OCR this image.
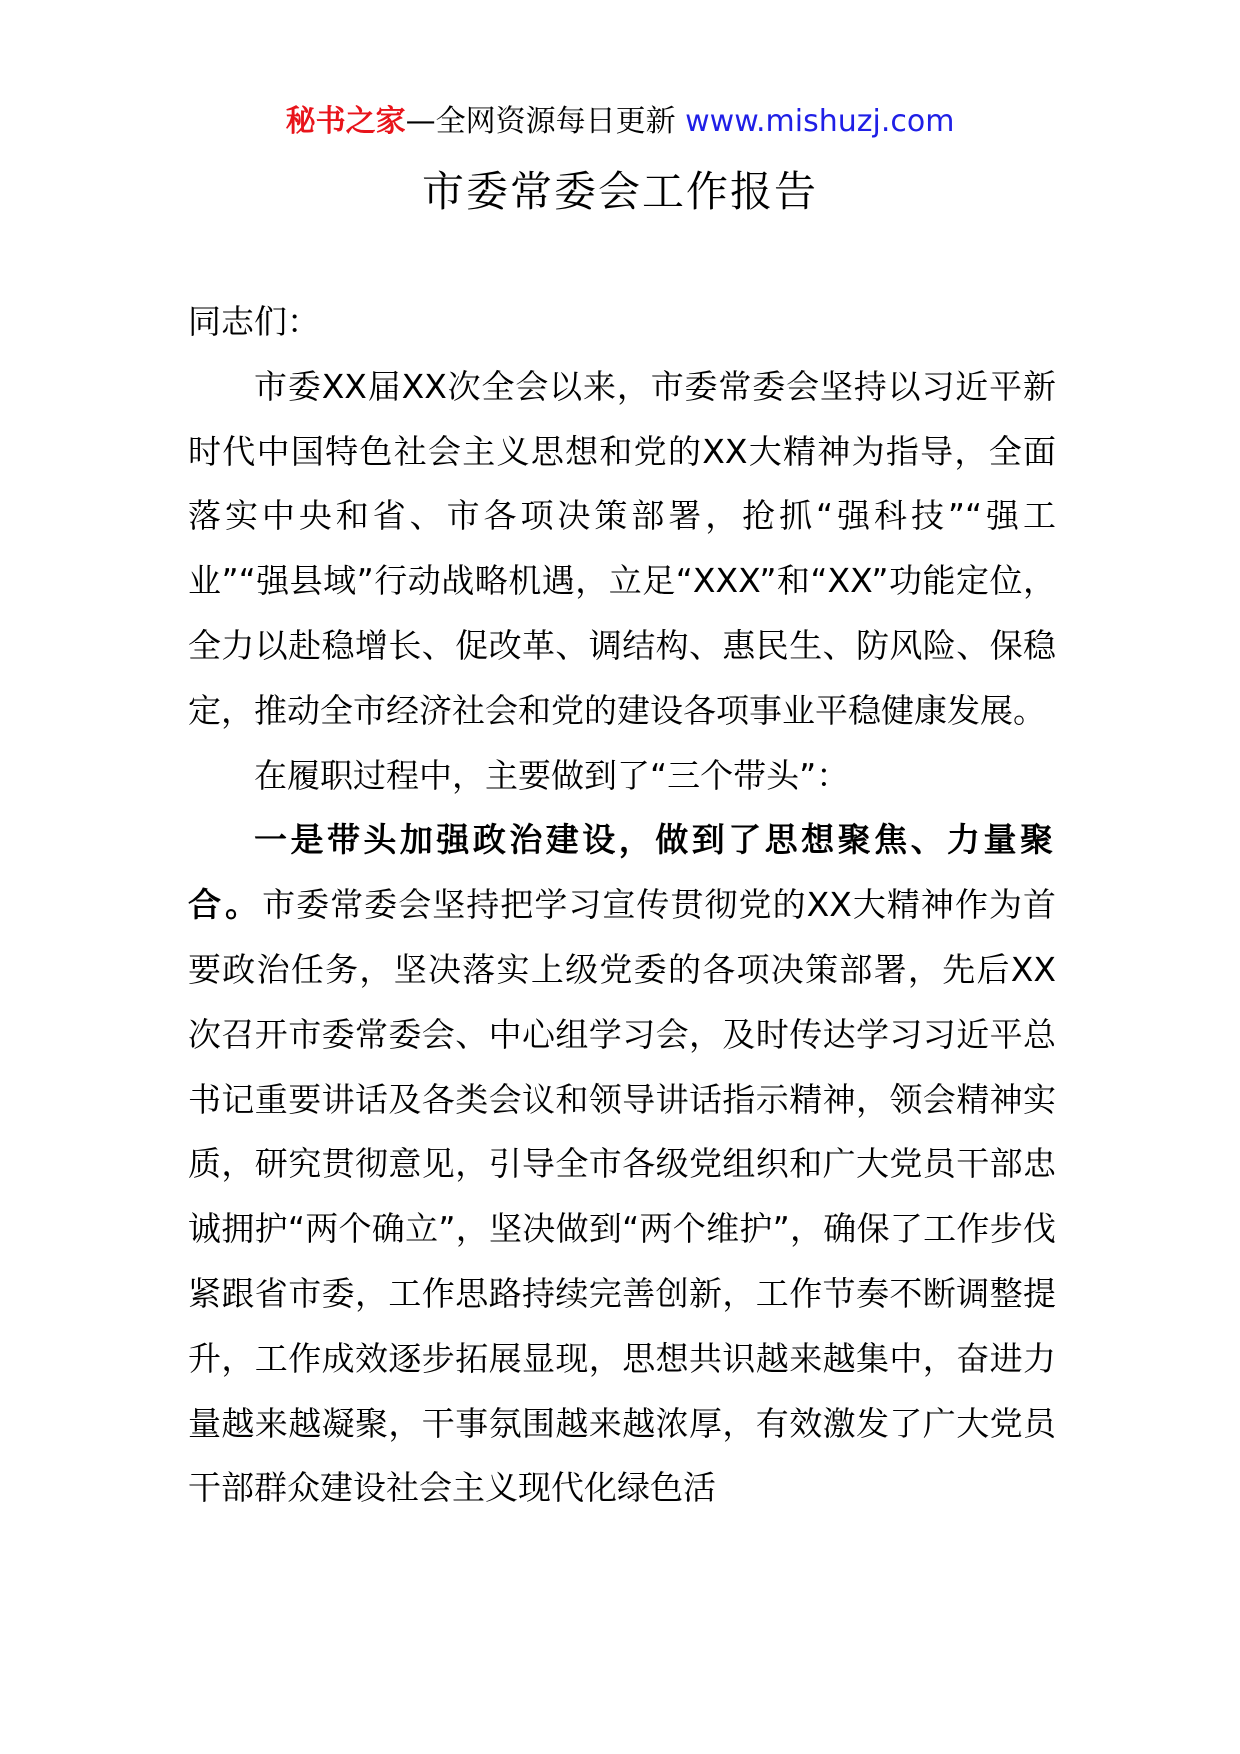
秘书之家—全网资源每日更新 www.mishuzj.com
市委常委会工作报告

同志们：

市委XX届XX次全会以来，市委常委会坚持以习近平新时代中国特色社会主义思想和党的XX大精神为指导，全面落实中央和省、市各项决策部署，抢抓“强科技”“强工业”“强县域”行动战略机遇，立足“XXX”和“XX”功能定位，全力以赴稳增长、促改革、调结构、惠民生、防风险、保稳定，推动全市经济社会和党的建设各项事业平稳健康发展。

在履职过程中，主要做到了“三个带头”：

一是带头加强政治建设，做到了思想聚焦、力量聚合。市委常委会坚持把学习宣传贯彻党的XX大精神作为首要政治任务，坚决落实上级党委的各项决策部署，先后XX次召开市委常委会、中心组学习会，及时传达学习习近平总书记重要讲话及各类会议和领导讲话指示精神，领会精神实质，研究贯彻意见，引导全市各级党组织和广大党员干部忠诚拥护“两个确立”，坚决做到“两个维护”，确保了工作步伐紧跟省市委，工作思路持续完善创新，工作节奏不断调整提升，工作成效逐步拓展显现，思想共识越来越集中，奋进力量越来越凝聚，干事氛围越来越浓厚，有效激发了广大党员干部群众建设社会主义现代化绿色活
